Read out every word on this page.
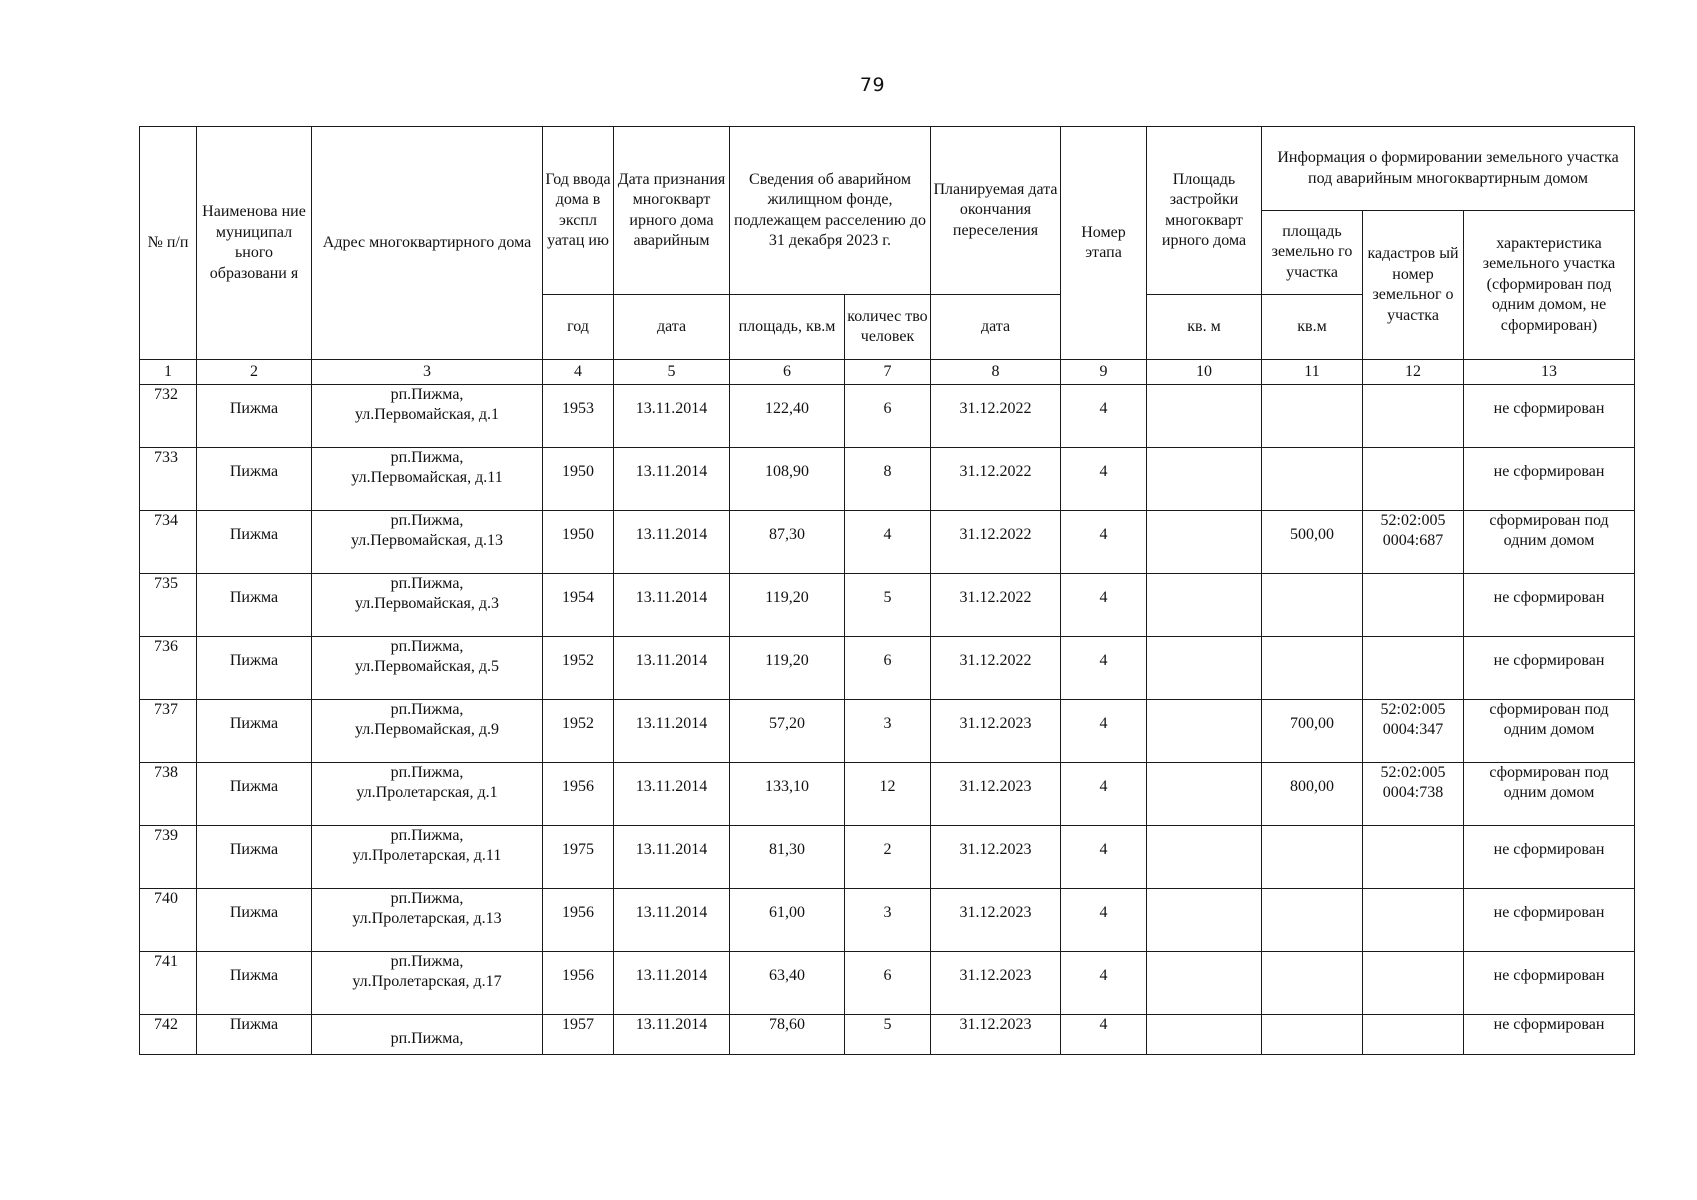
79
№ п/п	Наименова ние муниципал ьного образовани я	Адрес многоквартирного дома	Год ввода дома в экспл уатац ию	Дата признания многокварт ирного дома аварийным	Сведения об аварийном жилищном фонде, подлежащем расселению до 31 декабря 2023 г.		Планируемая дата окончания переселения	Номер этапа	Площадь застройки многокварт ирного дома	Информация о формировании земельного участка под аварийным многоквартирным домом		
										площадь земельно го участка	кадастров ый номер земельног о участка	характеристика земельного участка (сформирован под одним домом, не сформирован)
			год	дата	площадь, кв.м	количес тво человек	дата		кв. м	кв.м		
1	2	3	4	5	6	7	8	9	10	11	12	13
732	Пижма	рп.Пижма,
ул.Первомайская, д.1	1953	13.11.2014	122,40	6	31.12.2022	4				не сформирован

733	Пижма	рп.Пижма,
ул.Первомайская, д.11	1950	13.11.2014	108,90	8	31.12.2022	4				не сформирован

734	Пижма	рп.Пижма,
ул.Первомайская, д.13	1950	13.11.2014	87,30	4	31.12.2022	4		500,00	52:02:005
0004:687	сформирован под
одним домом

735	Пижма	рп.Пижма,
ул.Первомайская, д.3	1954	13.11.2014	119,20	5	31.12.2022	4				не сформирован

736	Пижма	рп.Пижма,
ул.Первомайская, д.5	1952	13.11.2014	119,20	6	31.12.2022	4				не сформирован

737	Пижма	рп.Пижма,
ул.Первомайская, д.9	1952	13.11.2014	57,20	3	31.12.2023	4		700,00	52:02:005
0004:347	сформирован под
одним домом

738	Пижма	рп.Пижма,
ул.Пролетарская, д.1	1956	13.11.2014	133,10	12	31.12.2023	4		800,00	52:02:005
0004:738	сформирован под
одним домом

739	Пижма	рп.Пижма,
ул.Пролетарская, д.11	1975	13.11.2014	81,30	2	31.12.2023	4				не сформирован

740	Пижма	рп.Пижма,
ул.Пролетарская, д.13	1956	13.11.2014	61,00	3	31.12.2023	4				не сформирован

741	Пижма	рп.Пижма,
ул.Пролетарская, д.17	1956	13.11.2014	63,40	6	31.12.2023	4				не сформирован

742	Пижма	рп.Пижма,	1957	13.11.2014	78,60	5	31.12.2023	4				не сформирован
